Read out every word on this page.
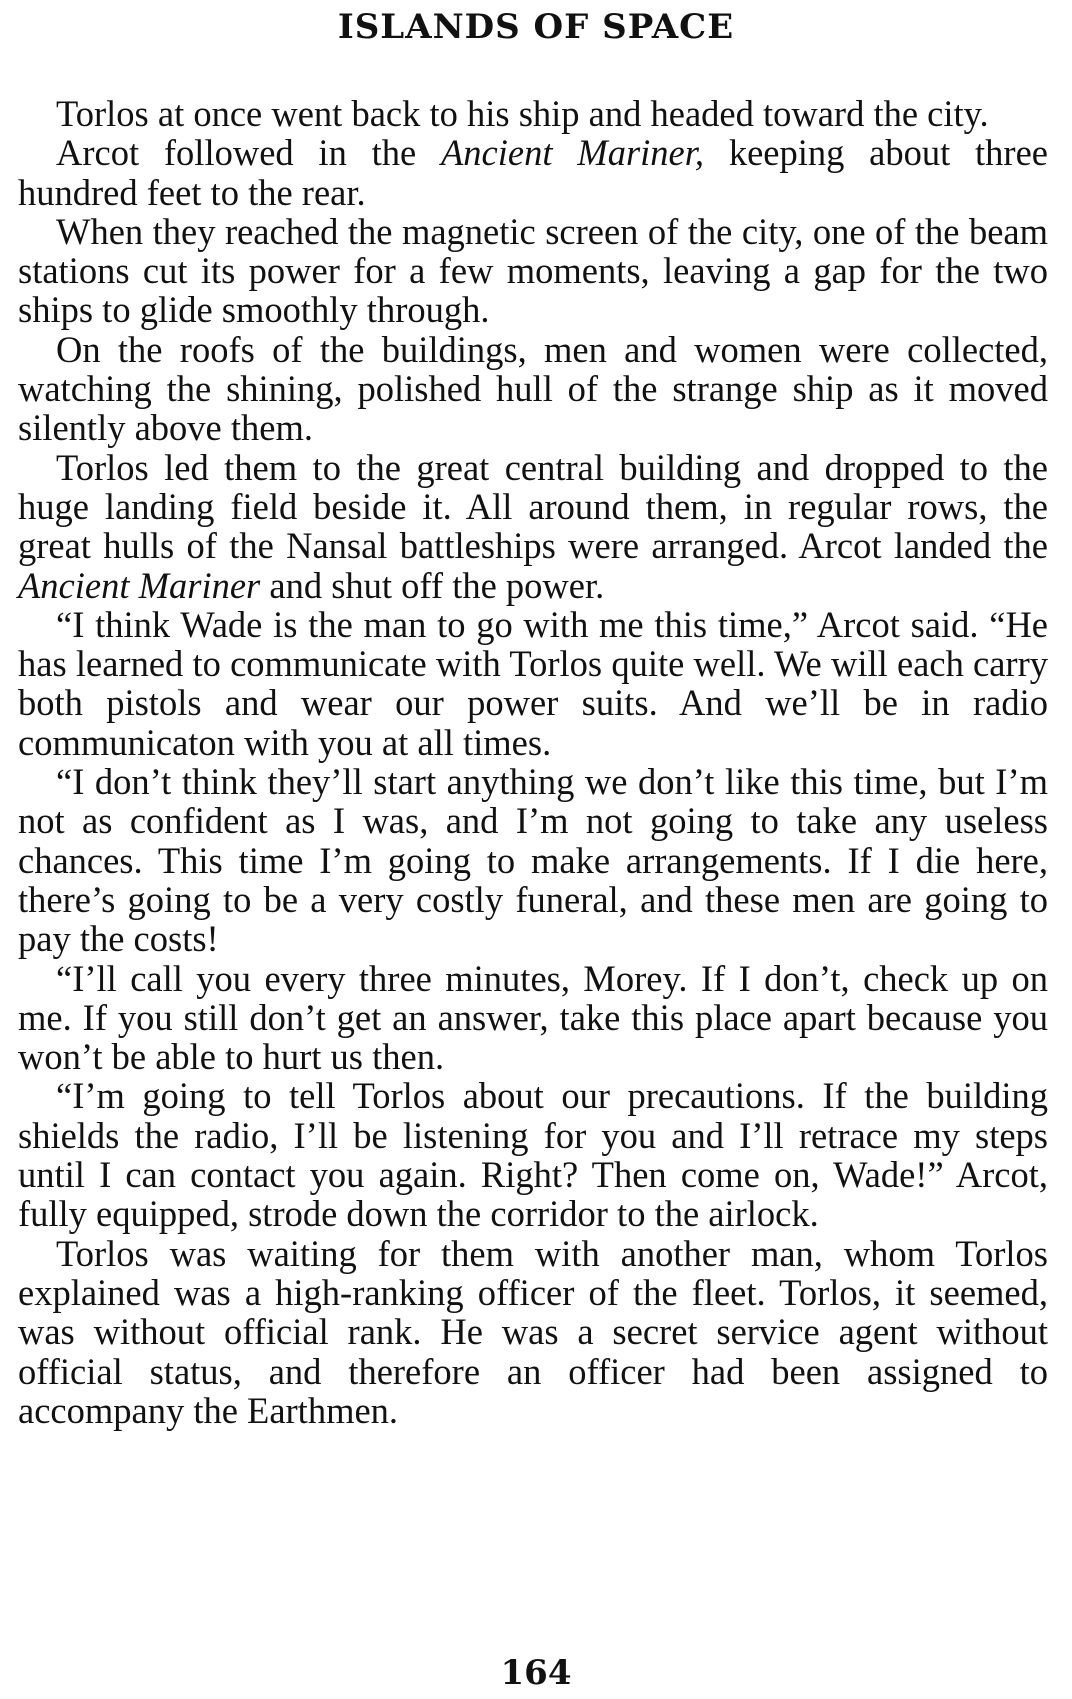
ISLANDS OF SPACE

Torlos at once went back to his ship and headed toward the city.

Arcot followed in the Ancient Mariner, keeping about three hundred feet to the rear.

When they reached the magnetic screen of the city, one of the beam stations cut its power for a few moments, leaving a gap for the two ships to glide smoothly through.

On the roofs of the buildings, men and women were collected, watching the shining, polished hull of the strange ship as it moved silently above them.

Torlos led them to the great central building and dropped to the huge landing field beside it. All around them, in regular rows, the great hulls of the Nansal battleships were arranged. Arcot landed the Ancient Mariner and shut off the power.

“I think Wade is the man to go with me this time,” Arcot said. “He has learned to communicate with Torlos quite well. We will each carry both pistols and wear our power suits. And we’ll be in radio communicaton with you at all times.

“I don’t think they’ll start anything we don’t like this time, but I’m not as confident as I was, and I’m not going to take any useless chances. This time I’m going to make arrangements. If I die here, there’s going to be a very costly funeral, and these men are going to pay the costs!

“I’ll call you every three minutes, Morey. If I don’t, check up on me. If you still don’t get an answer, take this place apart because you won’t be able to hurt us then.

“I’m going to tell Torlos about our precautions. If the building shields the radio, I’ll be listening for you and I’ll retrace my steps until I can contact you again. Right? Then come on, Wade!” Arcot, fully equipped, strode down the corridor to the airlock.

Torlos was waiting for them with another man, whom Torlos explained was a high-ranking officer of the fleet. Torlos, it seemed, was without official rank. He was a secret service agent without official status, and therefore an officer had been assigned to accompany the Earthmen.

164
